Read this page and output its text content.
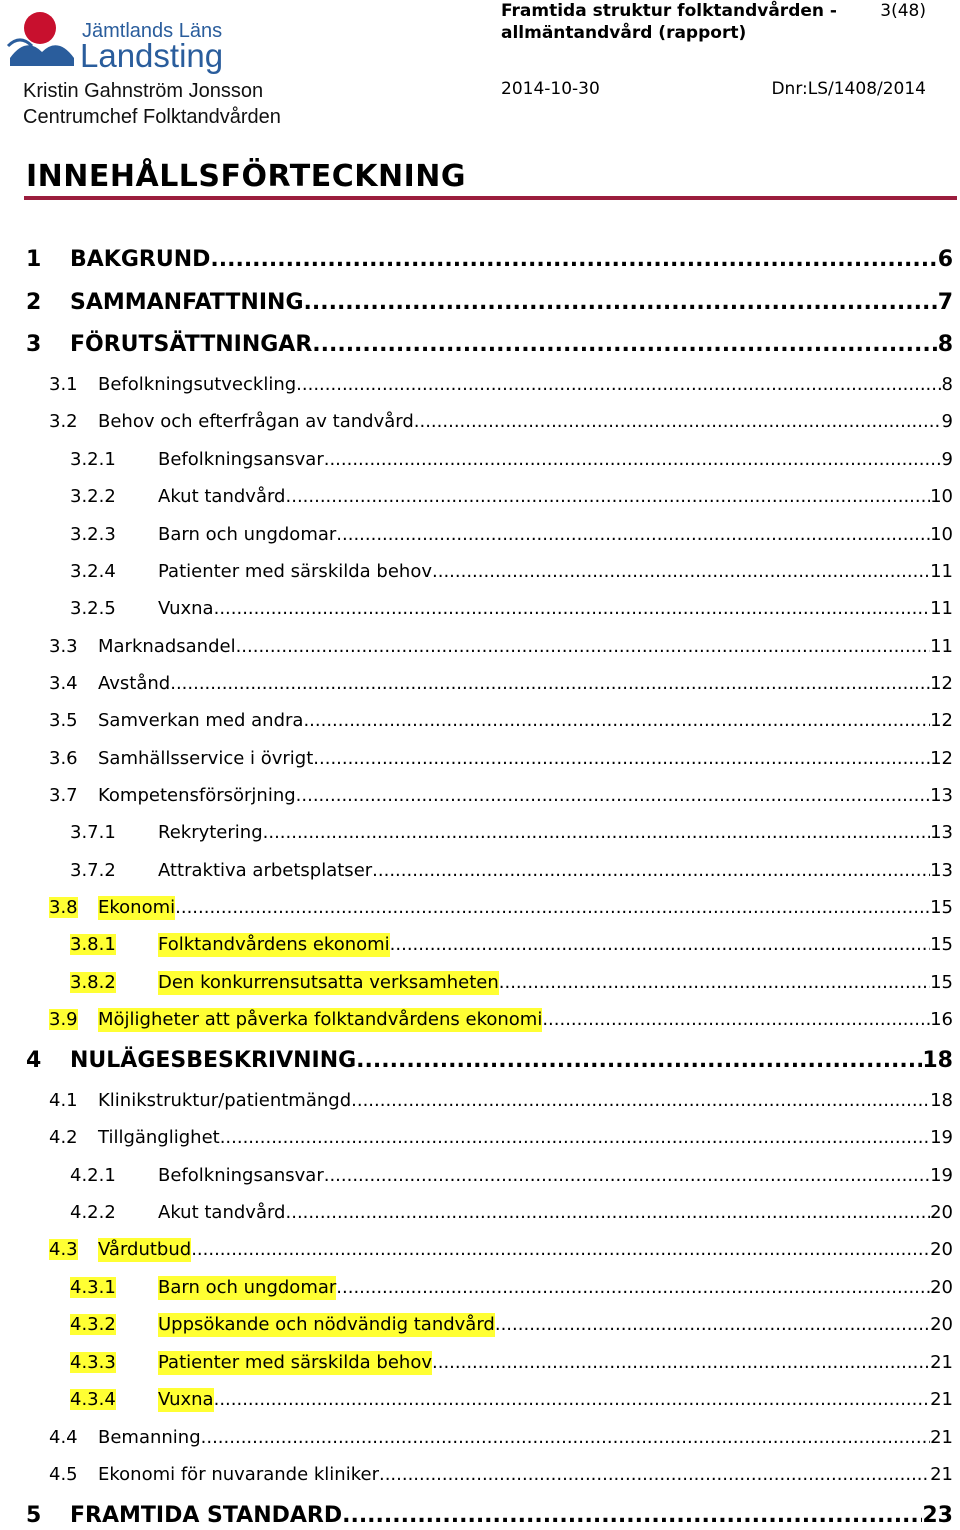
Jämtlands Läns
Landsting
Kristin Gahnström Jonsson
Centrumchef Folktandvården
Framtida struktur folktandvården - allmäntandvård (rapport)
3(48)
2014-10-30	Dnr:LS/1408/2014
INNEHÅLLSFÖRTECKNING
1	BAKGRUND .....	6
2	SAMMANFATTNING .....	7
3	FÖRUTSÄTTNINGAR .....	8
3.1	Befolkningsutveckling .....	8
3.2	Behov och efterfrågan av tandvård .....	9
3.2.1	Befolkningsansvar .....	9
3.2.2	Akut tandvård .....	10
3.2.3	Barn och ungdomar .....	10
3.2.4	Patienter med särskilda behov .....	11
3.2.5	Vuxna .....	11
3.3	Marknadsandel .....	11
3.4	Avstånd .....	12
3.5	Samverkan med andra .....	12
3.6	Samhällsservice i övrigt .....	12
3.7	Kompetensförsörjning .....	13
3.7.1	Rekrytering .....	13
3.7.2	Attraktiva arbetsplatser .....	13
3.8	Ekonomi .....	15
3.8.1	Folktandvårdens ekonomi .....	15
3.8.2	Den konkurrensutsatta verksamheten .....	15
3.9	Möjligheter att påverka folktandvårdens ekonomi .....	16
4	NULÄGESBESKRIVNING .....	18
4.1	Klinikstruktur/patientmängd .....	18
4.2	Tillgänglighet .....	19
4.2.1	Befolkningsansvar .....	19
4.2.2	Akut tandvård .....	20
4.3	Vårdutbud .....	20
4.3.1	Barn och ungdomar .....	20
4.3.2	Uppsökande och nödvändig tandvård .....	20
4.3.3	Patienter med särskilda behov .....	21
4.3.4	Vuxna .....	21
4.4	Bemanning .....	21
4.5	Ekonomi för nuvarande kliniker .....	21
5	FRAMTIDA STANDARD .....	23
